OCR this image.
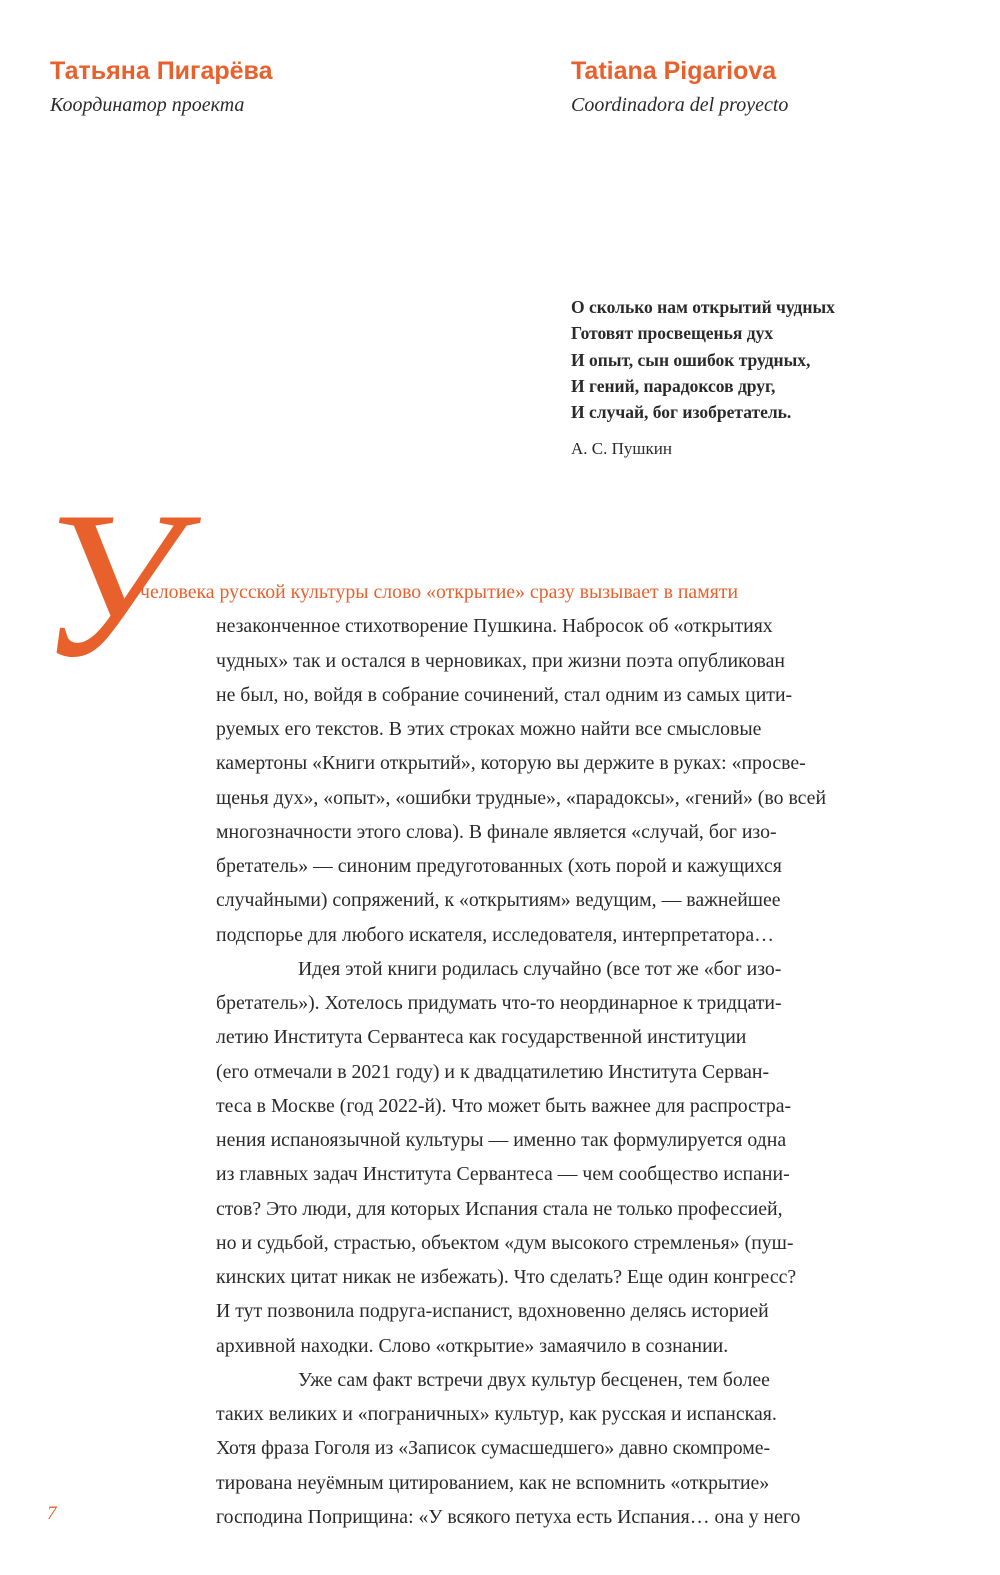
Татьяна Пигарёва
Координатор проекта
Tatiana Pigariova
Coordinadora del proyecto
О сколько нам открытий чудных
Готовят просвещенья дух
И опыт, сын ошибок трудных,
И гений, парадоксов друг,
И случай, бог изобретатель.
А. С. Пушкин
У
человека русской культуры слово «открытие» сразу вызывает в памяти
незаконченное стихотворение Пушкина. Набросок об «открытиях
чудных» так и остался в черновиках, при жизни поэта опубликован
не был, но, войдя в собрание сочинений, стал одним из самых цити-
руемых его текстов. В этих строках можно найти все смысловые
камертоны «Книги открытий», которую вы держите в руках: «просве-
щенья дух», «опыт», «ошибки трудные», «парадоксы», «гений» (во всей
многозначности этого слова). В финале является «случай, бог изо-
бретатель» — синоним предуготованных (хоть порой и кажущихся
случайными) сопряжений, к «открытиям» ведущим, — важнейшее
подспорье для любого искателя, исследователя, интерпретатора…
Идея этой книги родилась случайно (все тот же «бог изо-
бретатель»). Хотелось придумать что-то неординарное к тридцати-
летию Института Сервантеса как государственной институции
(его отмечали в 2021 году) и к двадцатилетию Института Серван-
теса в Москве (год 2022-й). Что может быть важнее для распростра-
нения испаноязычной культуры — именно так формулируется одна
из главных задач Института Сервантеса — чем сообщество испани-
стов? Это люди, для которых Испания стала не только профессией,
но и судьбой, страстью, объектом «дум высокого стремленья» (пуш-
кинских цитат никак не избежать). Что сделать? Еще один конгресс?
И тут позвонила подруга-испанист, вдохновенно делясь историей
архивной находки. Слово «открытие» замаячило в сознании.
Уже сам факт встречи двух культур бесценен, тем более
таких великих и «пограничных» культур, как русская и испанская.
Хотя фраза Гоголя из «Записок сумасшедшего» давно скомпроме-
тирована неуёмным цитированием, как не вспомнить «открытие»
господина Поприщина: «У всякого петуха есть Испания… она у него
7
